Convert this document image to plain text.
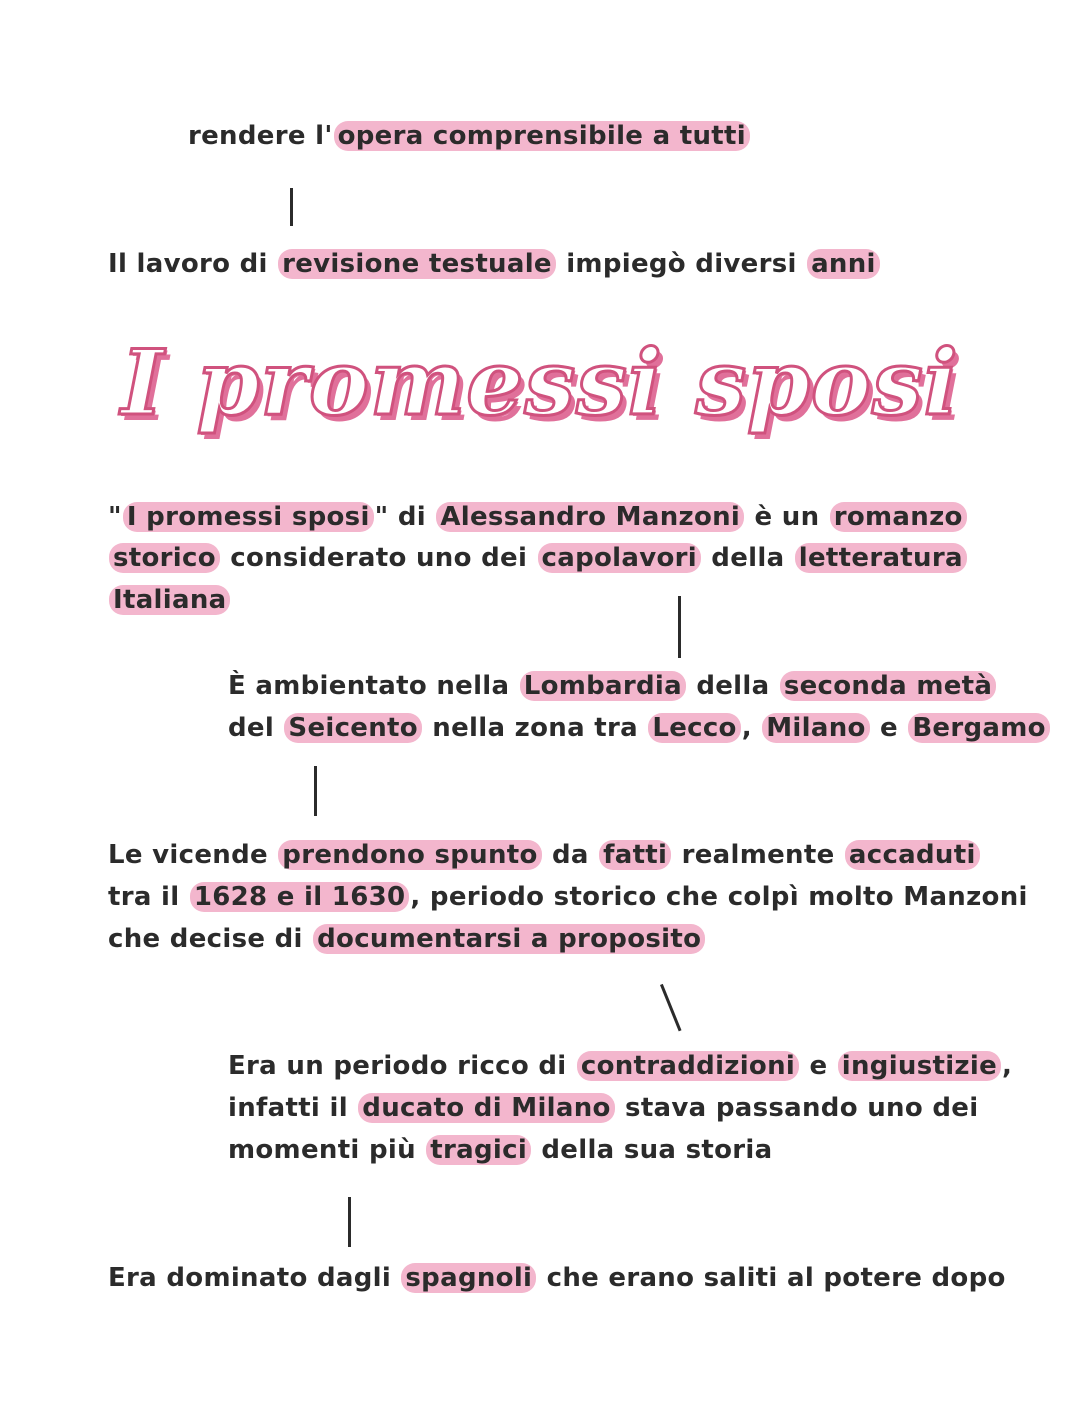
I promessi sposi
rendere l' opera comprensibile a tutti
Il lavoro di revisione testuale impiegò diversi anni
" I promessi sposi " di Alessandro Manzoni è un romanzo
storico considerato uno dei capolavori della letteratura
Italiana
È ambientato nella Lombardia della seconda metà
del Seicento nella zona tra Lecco , Milano e Bergamo
Le vicende prendono spunto da fatti realmente accaduti
tra il 1628 e il 1630 , periodo storico che colpì molto Manzoni
che decise di documentarsi a proposito
Era un periodo ricco di contraddizioni e ingiustizie ,
infatti il ducato di Milano stava passando uno dei
momenti più tragici della sua storia
Era dominato dagli spagnoli che erano saliti al potere dopo
